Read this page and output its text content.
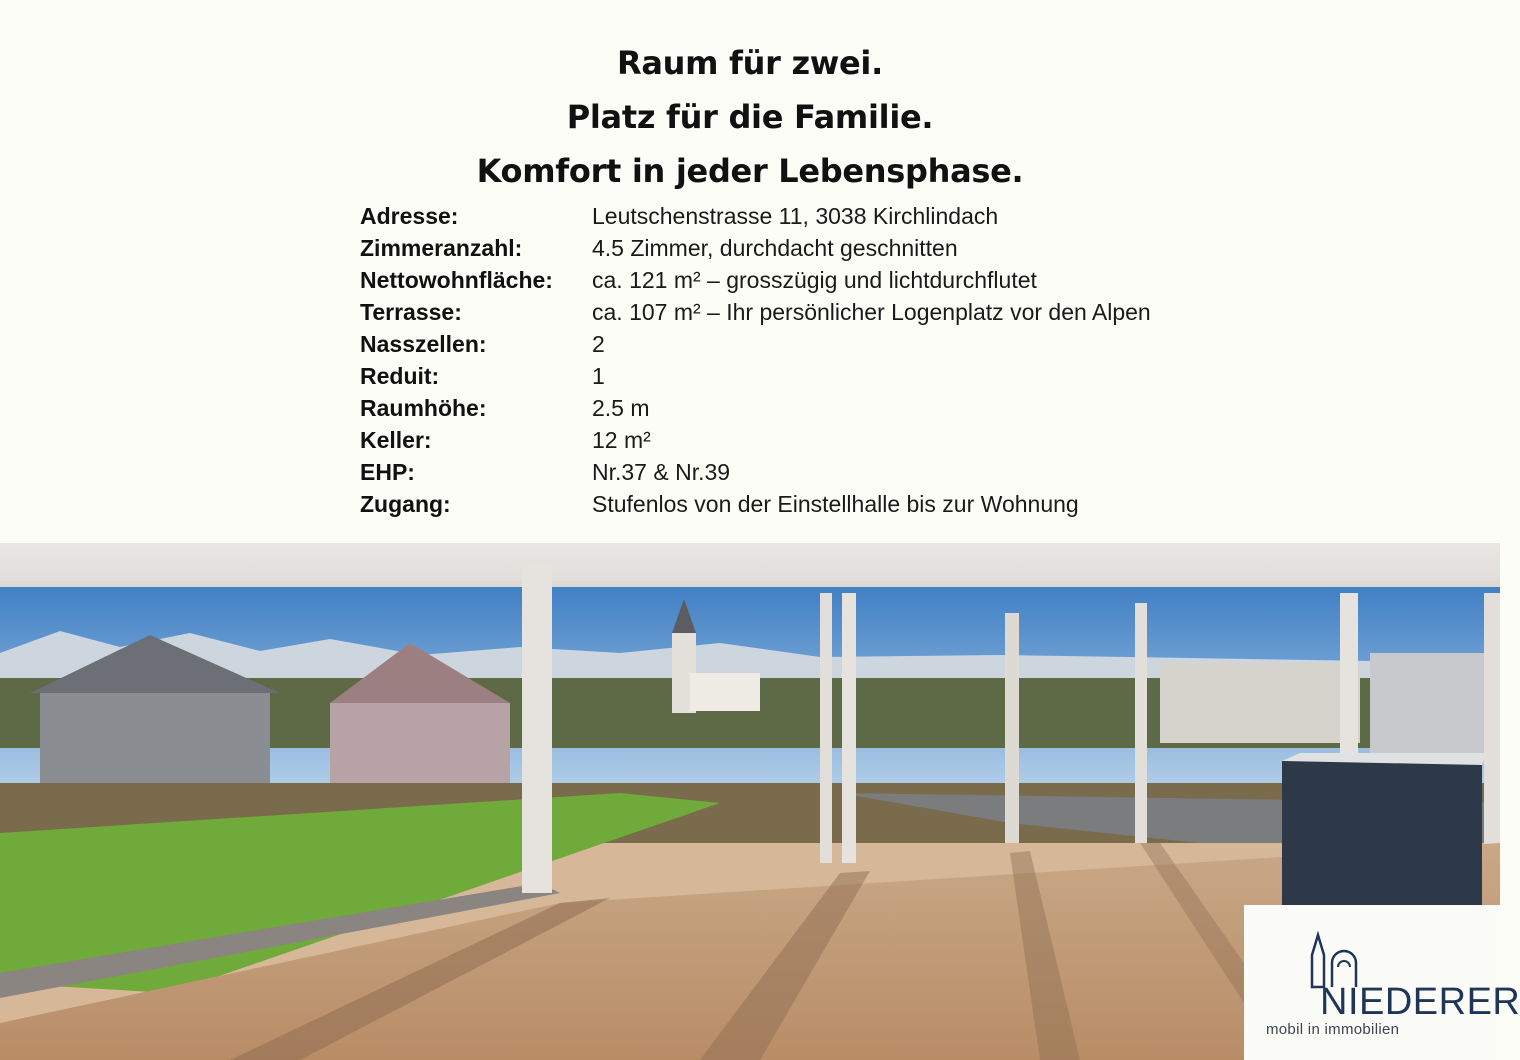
Raum für zwei.
Platz für die Familie.
Komfort in jeder Lebensphase.
Adresse:	Leutschenstrasse 11, 3038 Kirchlindach
Zimmeranzahl:	4.5 Zimmer, durchdacht geschnitten
Nettowohnfläche:	ca. 121 m² – grosszügig und lichtdurchflutet
Terrasse:	ca. 107 m² – Ihr persönlicher Logenplatz vor den Alpen
Nasszellen:	2
Reduit:	1
Raumhöhe:	2.5 m
Keller:	12 m²
EHP:	Nr.37 & Nr.39
Zugang:	Stufenlos von der Einstellhalle bis zur Wohnung
NIEDERER
mobil in immobilien
